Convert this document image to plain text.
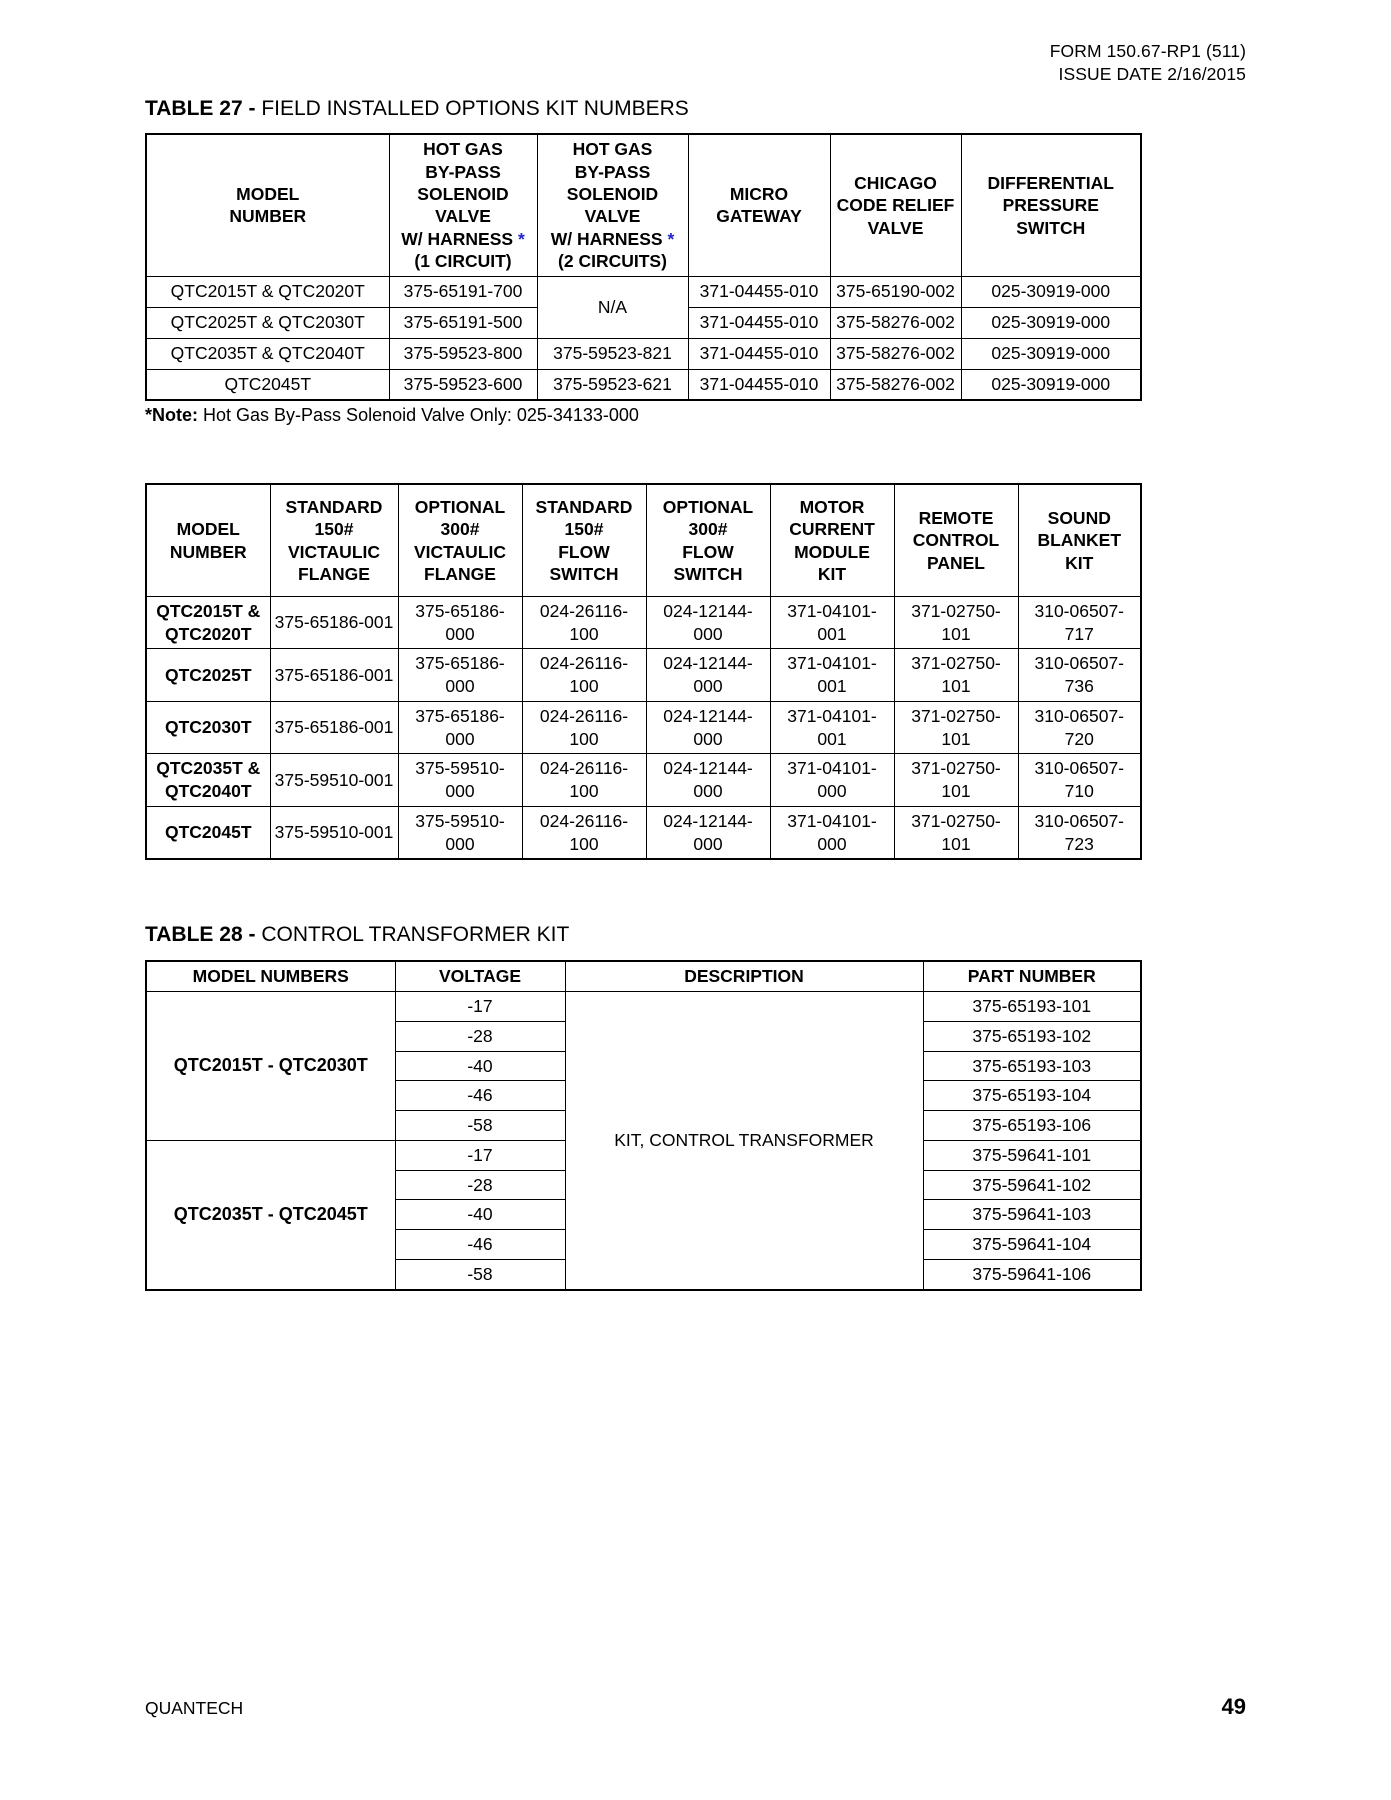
FORM 150.67-RP1 (511)
ISSUE DATE 2/16/2015
TABLE 27 - FIELD INSTALLED OPTIONS KIT NUMBERS
MODEL
NUMBER

HOT GAS
BY-PASS
SOLENOID VALVE
W/ HARNESS *
(1 CIRCUIT)

HOT GAS
BY-PASS
SOLENOID VALVE
W/ HARNESS *
(2 CIRCUITS)

MICRO
GATEWAY

CHICAGO
CODE RELIEF
VALVE

DIFFERENTIAL
PRESSURE
SWITCH

QTC2015T & QTC2020T	375-65191-700	N/A	371-04455-010	375-65190-002	025-30919-000
QTC2025T & QTC2030T	375-65191-500		371-04455-010	375-58276-002	025-30919-000
QTC2035T & QTC2040T	375-59523-800	375-59523-821	371-04455-010	375-58276-002	025-30919-000
QTC2045T	375-59523-600	375-59523-621	371-04455-010	375-58276-002	025-30919-000

*Note: Hot Gas By-Pass Solenoid Valve Only: 025-34133-000

MODEL
NUMBER

STANDARD
150#
VICTAULIC
FLANGE

OPTIONAL
300#
VICTAULIC
FLANGE

STANDARD
150#
FLOW
SWITCH

OPTIONAL
300#
FLOW
SWITCH

MOTOR
CURRENT
MODULE
KIT

REMOTE
CONTROL
PANEL

SOUND
BLANKET
KIT

QTC2015T &
QTC2020T	375-65186-001	375-65186-000	024-26116-100	024-12144-000	371-04101-001	371-02750-101	310-06507-717
QTC2025T	375-65186-001	375-65186-000	024-26116-100	024-12144-000	371-04101-001	371-02750-101	310-06507-736
QTC2030T	375-65186-001	375-65186-000	024-26116-100	024-12144-000	371-04101-001	371-02750-101	310-06507-720

QTC2035T &
QTC2040T	375-59510-001	375-59510-000	024-26116-100	024-12144-000	371-04101-000	371-02750-101	310-06507-710
QTC2045T	375-59510-001	375-59510-000	024-26116-100	024-12144-000	371-04101-000	371-02750-101	310-06507-723
TABLE 28 - CONTROL TRANSFORMER KIT
MODEL NUMBERS	VOLTAGE	DESCRIPTION	PART NUMBER
QTC2015T - QTC2030T	-17	KIT, CONTROL TRANSFORMER	375-65193-101
	-28		375-65193-102
	-40		375-65193-103
	-46		375-65193-104
	-58		375-65193-106
QTC2035T - QTC2045T	-17		375-59641-101
	-28		375-59641-102
	-40		375-59641-103
	-46		375-59641-104
	-58		375-59641-106
QUANTECH	49
